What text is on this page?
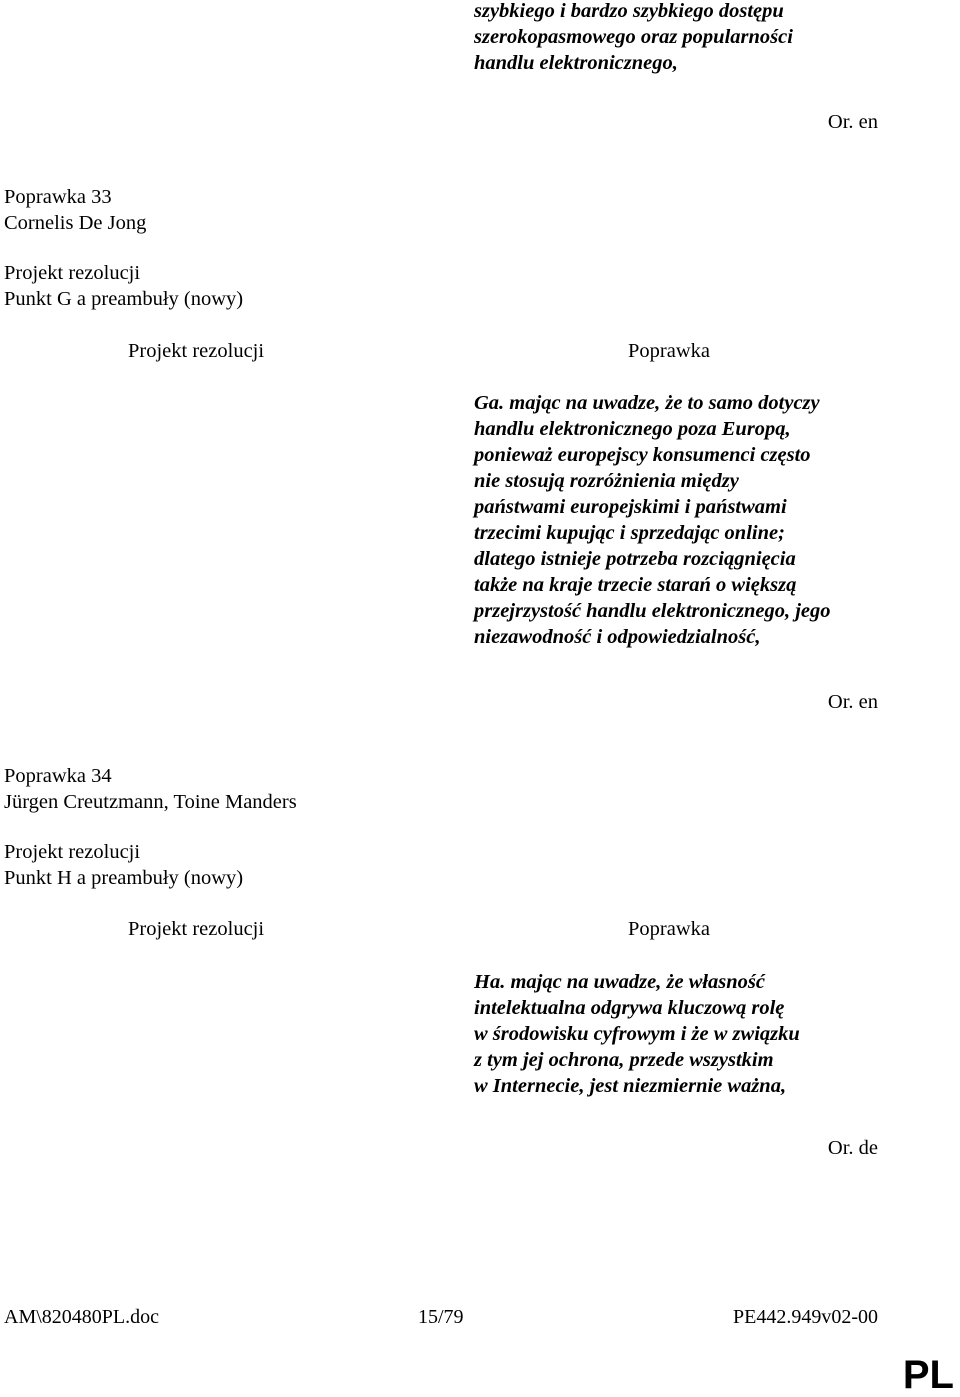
szybkiego i bardzo szybkiego dostępu
szerokopasmowego oraz popularności
handlu elektronicznego,
Or. en
Poprawka 33
Cornelis De Jong
Projekt rezolucji
Punkt G a preambuły (nowy)
Projekt rezolucji	Poprawka
Ga. mając na uwadze, że to samo dotyczy
handlu elektronicznego poza Europą,
ponieważ europejscy konsumenci często
nie stosują rozróżnienia między
państwami europejskimi i państwami
trzecimi kupując i sprzedając online;
dlatego istnieje potrzeba rozciągnięcia
także na kraje trzecie starań o większą
przejrzystość handlu elektronicznego, jego
niezawodność i odpowiedzialność,
Or. en
Poprawka 34
Jürgen Creutzmann, Toine Manders
Projekt rezolucji
Punkt H a preambuły (nowy)
Projekt rezolucji	Poprawka
Ha. mając na uwadze, że własność
intelektualna odgrywa kluczową rolę
w środowisku cyfrowym i że w związku
z tym jej ochrona, przede wszystkim
w Internecie, jest niezmiernie ważna,
Or. de
AM\820480PL.doc	15/79	PE442.949v02-00
PL
